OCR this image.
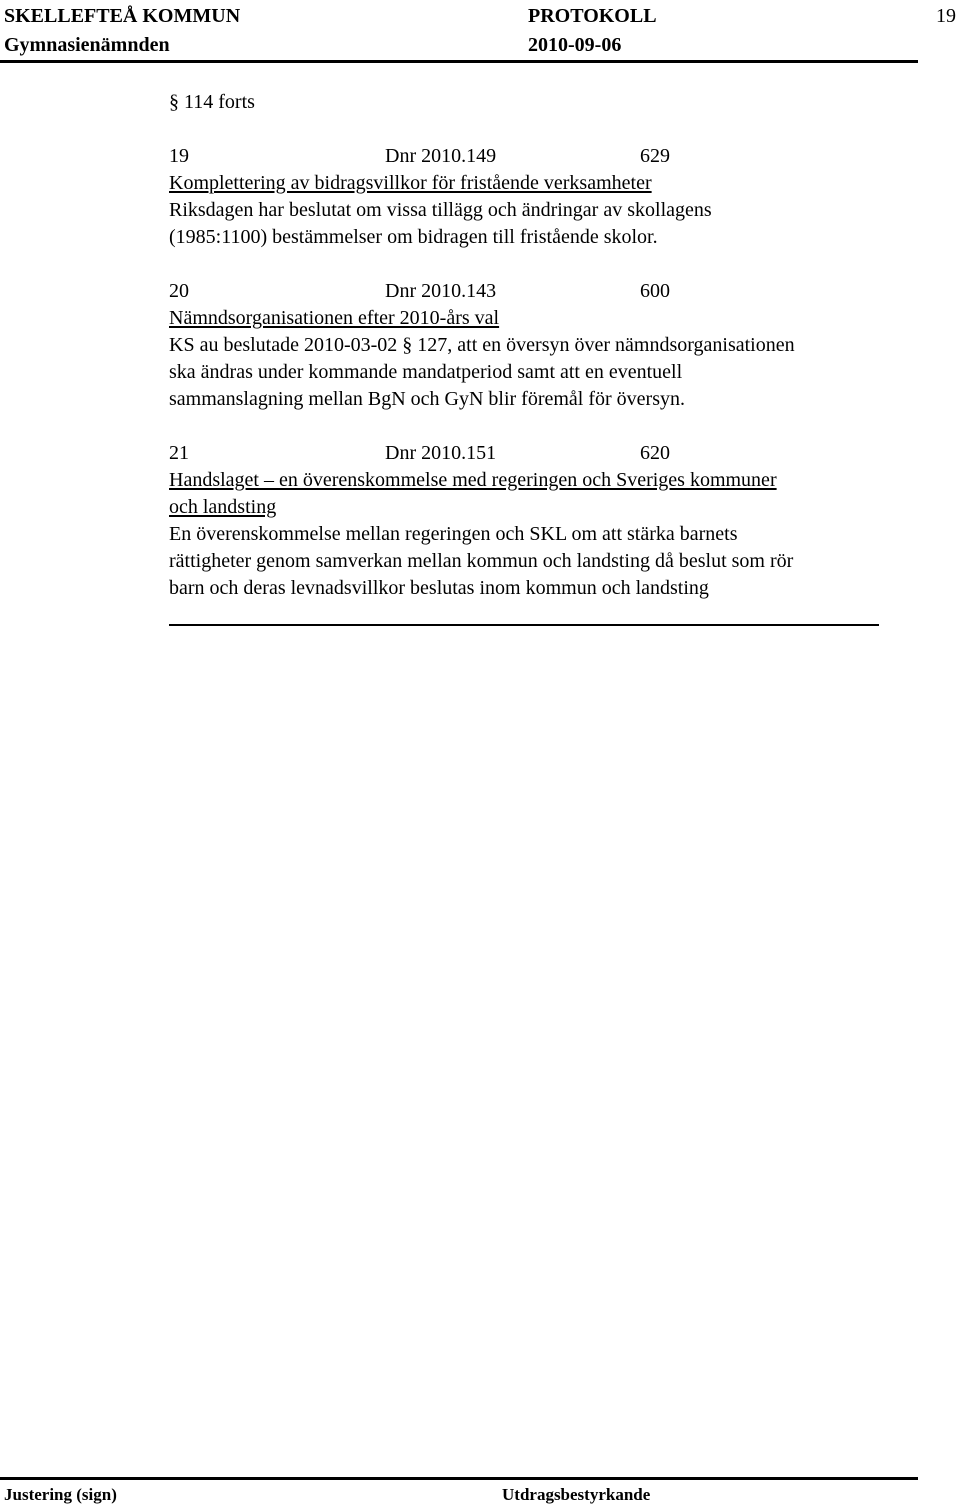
SKELLEFTEÅ KOMMUN
Gymnasienämnden
PROTOKOLL
2010-09-06
19
§ 114 forts
19	Dnr 2010.149	629
Komplettering av bidragsvillkor för fristående verksamheter
Riksdagen har beslutat om vissa tillägg och ändringar av skollagens
(1985:1100) bestämmelser om bidragen till fristående skolor.
20	Dnr 2010.143	600
Nämndsorganisationen efter 2010-års val
KS au beslutade 2010-03-02 § 127, att en översyn över nämndsorganisationen
ska ändras under kommande mandatperiod samt att en eventuell
sammanslagning mellan BgN och GyN blir föremål för översyn.
21	Dnr 2010.151	620
Handslaget – en överenskommelse med regeringen och Sveriges kommuner
och landsting
En överenskommelse mellan regeringen och SKL om att stärka barnets
rättigheter genom samverkan mellan kommun och landsting då beslut som rör
barn och deras levnadsvillkor beslutas inom kommun och landsting
Justering (sign)	Utdragsbestyrkande
